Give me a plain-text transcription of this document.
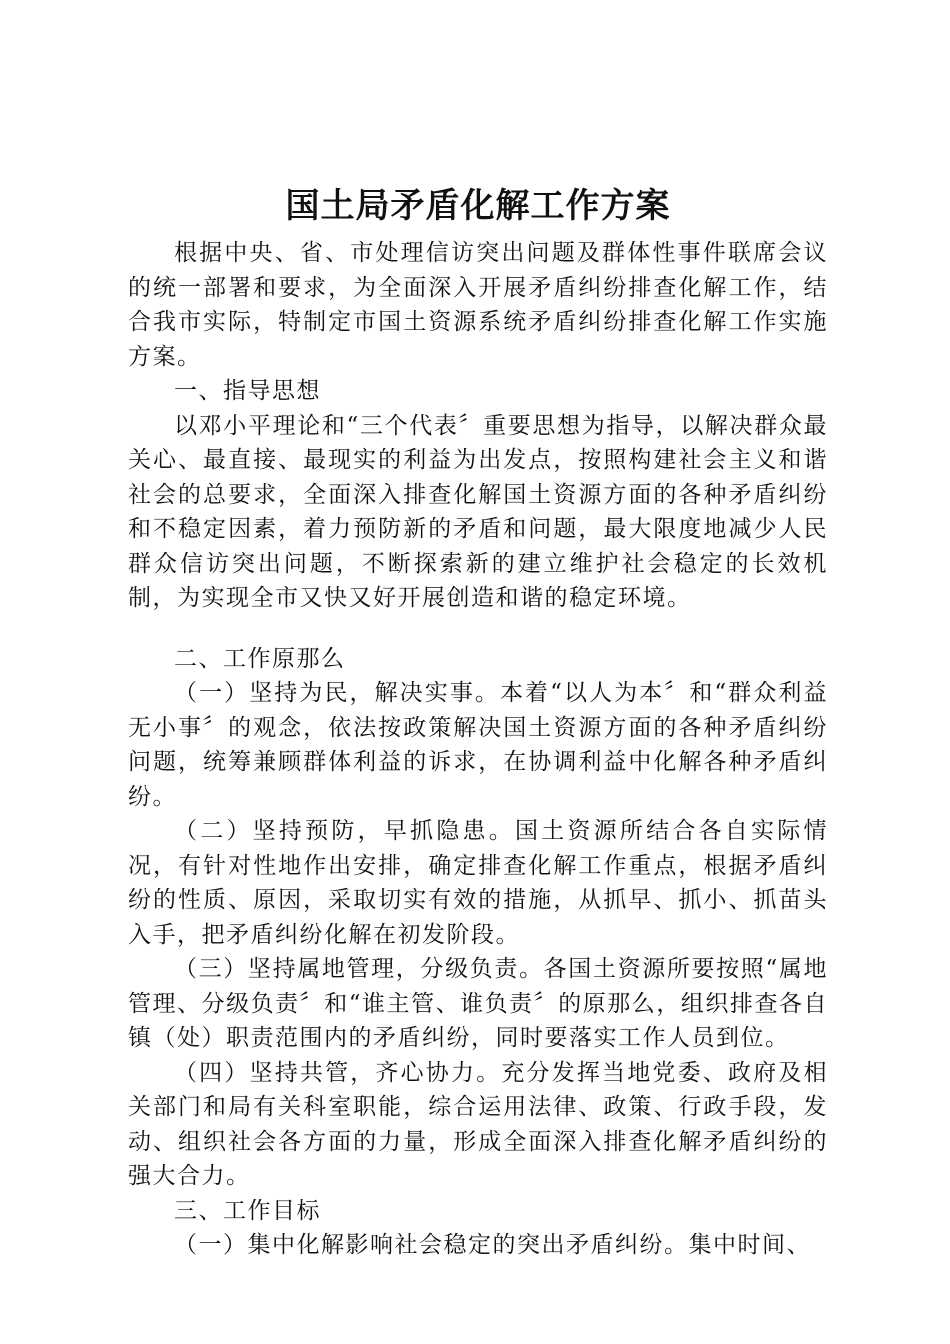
国土局矛盾化解工作方案

根据中央、省、市处理信访突出问题及群体性事件联席会议的统一部署和要求，为全面深入开展矛盾纠纷排查化解工作，结合我市实际，特制定市国土资源系统矛盾纠纷排查化解工作实施方案。

一、指导思想

以邓小平理论和“三个代表〞重要思想为指导，以解决群众最关心、最直接、最现实的利益为出发点，按照构建社会主义和谐社会的总要求，全面深入排查化解国土资源方面的各种矛盾纠纷和不稳定因素，着力预防新的矛盾和问题，最大限度地减少人民群众信访突出问题，不断探索新的建立维护社会稳定的长效机制，为实现全市又快又好开展创造和谐的稳定环境。

二、工作原那么

（一）坚持为民，解决实事。本着“以人为本〞和“群众利益无小事〞的观念，依法按政策解决国土资源方面的各种矛盾纠纷问题，统筹兼顾群体利益的诉求，在协调利益中化解各种矛盾纠纷。

（二）坚持预防，早抓隐患。国土资源所结合各自实际情况，有针对性地作出安排，确定排查化解工作重点，根据矛盾纠纷的性质、原因，采取切实有效的措施，从抓早、抓小、抓苗头入手，把矛盾纠纷化解在初发阶段。

（三）坚持属地管理，分级负责。各国土资源所要按照“属地管理、分级负责〞和“谁主管、谁负责〞的原那么，组织排查各自镇（处）职责范围内的矛盾纠纷，同时要落实工作人员到位。

（四）坚持共管，齐心协力。充分发挥当地党委、政府及相关部门和局有关科室职能，综合运用法律、政策、行政手段，发动、组织社会各方面的力量，形成全面深入排查化解矛盾纠纷的强大合力。

三、工作目标

（一）集中化解影响社会稳定的突出矛盾纠纷。集中时间、
